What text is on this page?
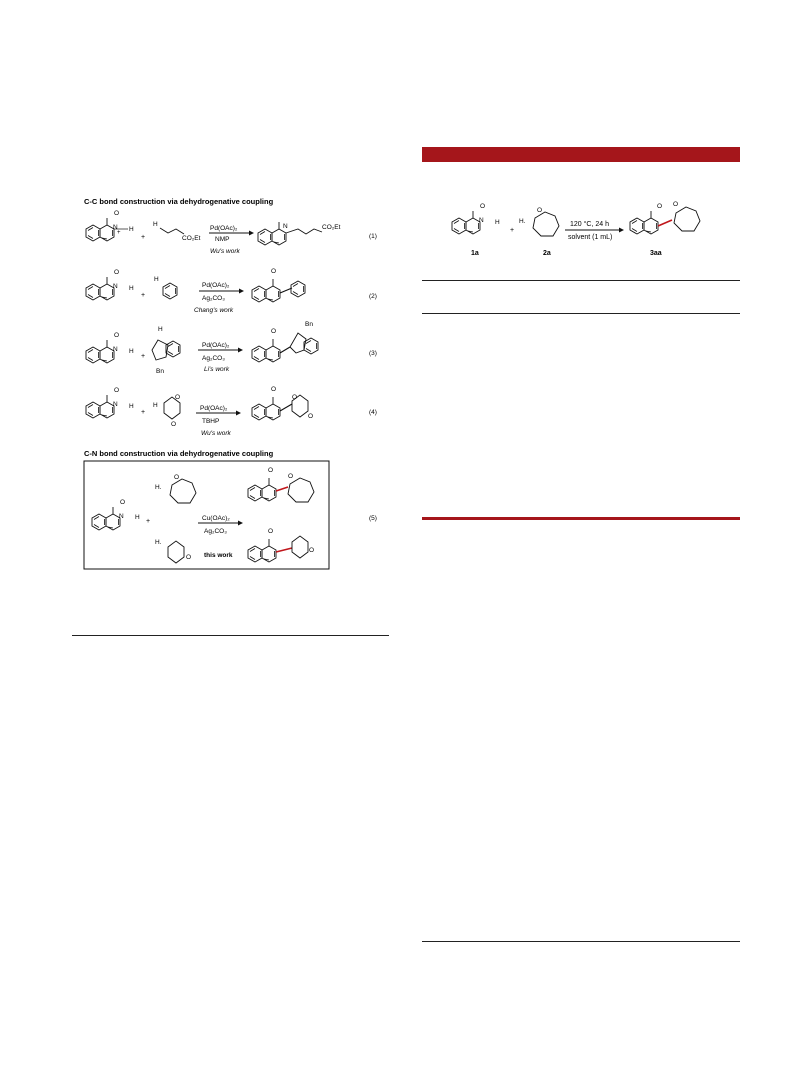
C-C bond construction via dehydrogenative coupling
O
N
+ H
+
H
CO₂Et
Pd(OAc)₂
NMP
Wu's work
N	CO₂Et
(1)
O
N H
+
H
Pd(OAc)₂
Ag₂CO₃
Chang's work
O
(2)
O
N H
+
H
Bn
Pd(OAc)₂
Ag₂CO₃
Li's work
O
Bn
(3)
O
N H
+
H
O
O
Pd(OAc)₂
TBHP
Wu's work
O
O
O
(4)
C-N bond construction via dehydrogenative coupling
O
N H
+
H.
O
H.
O
Cu(OAc)₂
Ag₂CO₃
this work
O
O
O
O
(5)
O
N H
1a
+
H.
O
2a
120 °C, 24 h
solvent (1 mL)
O O
3aa
